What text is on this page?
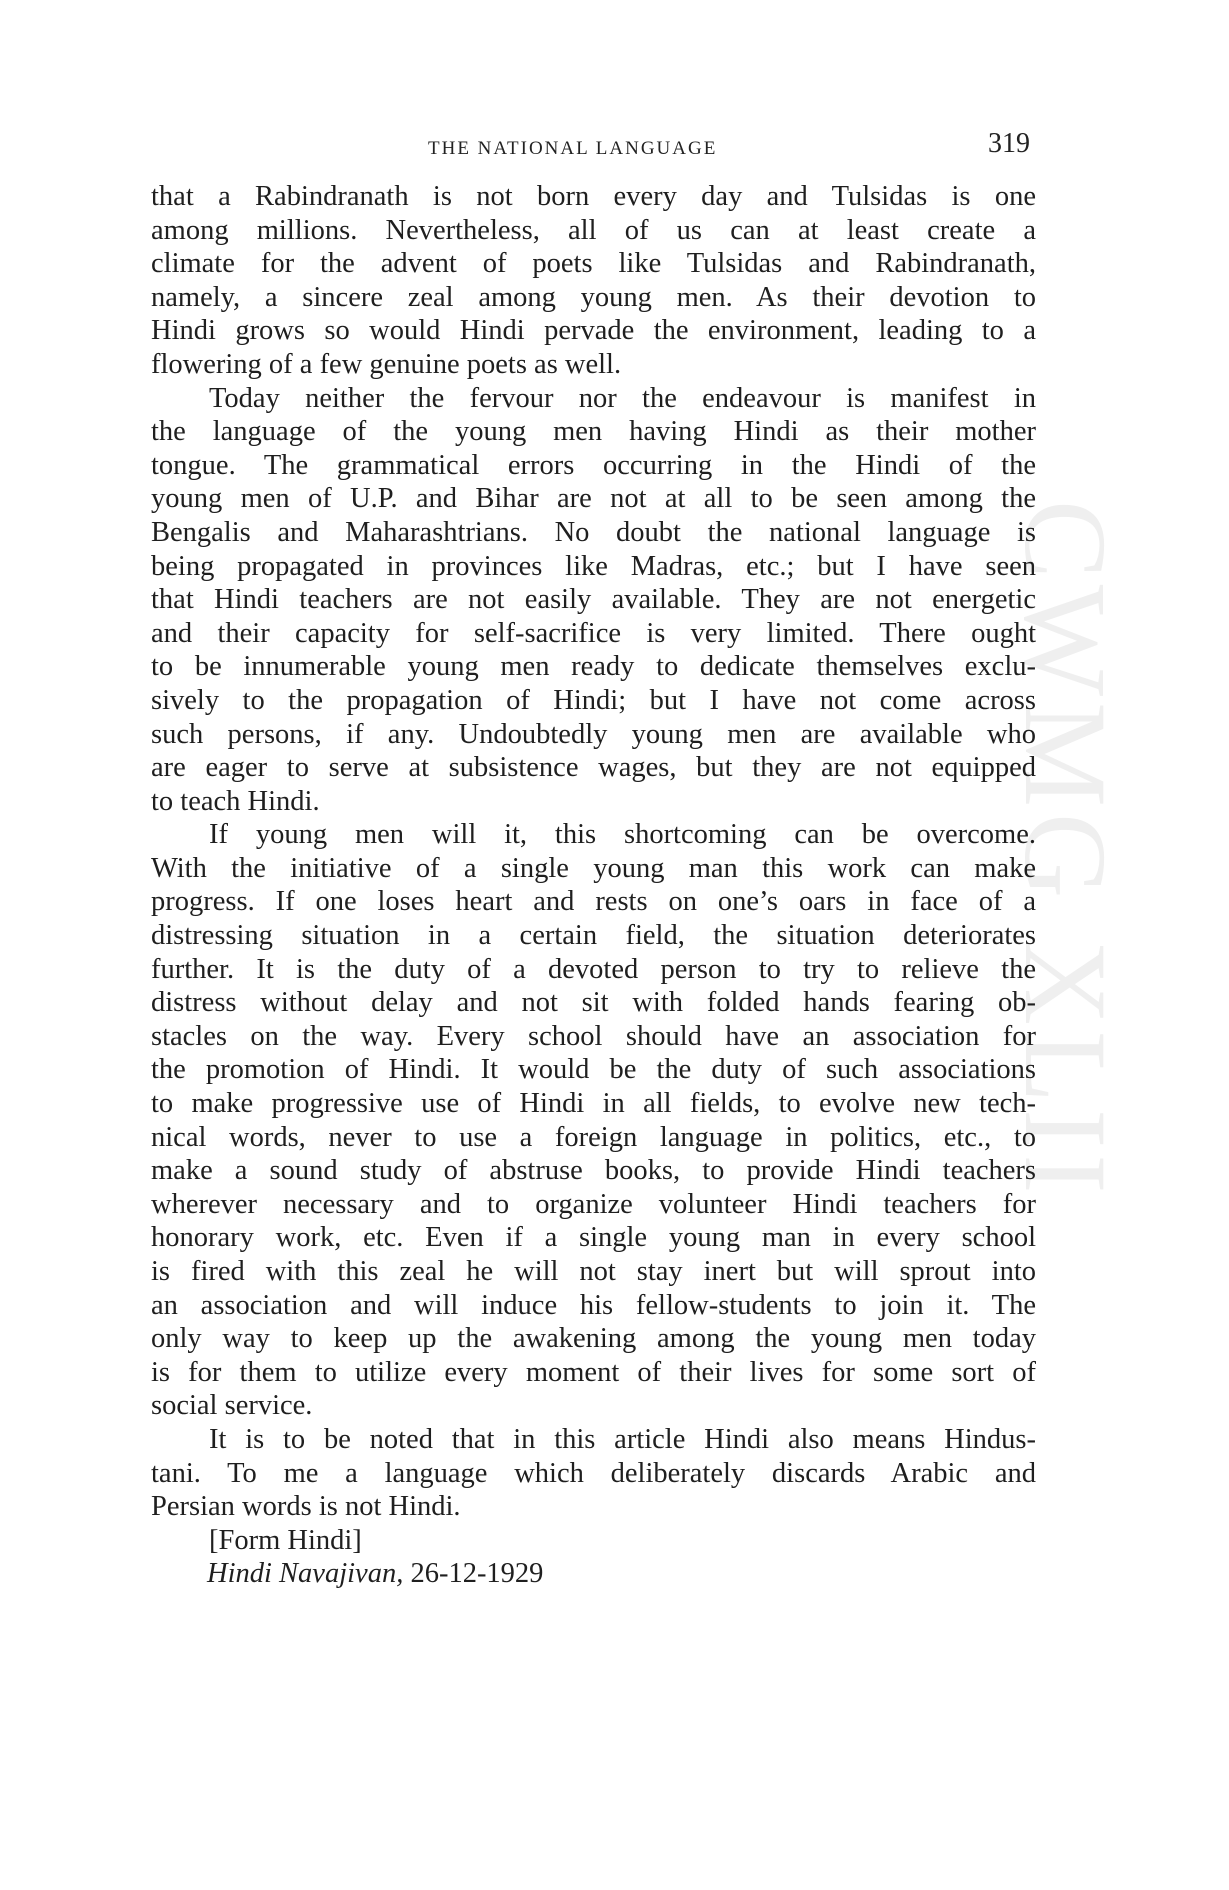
CWMG XLII
THE NATIONAL LANGUAGE	319

that a Rabindranath is not born every day and Tulsidas is one
among millions. Nevertheless, all of us can at least create a
climate for the advent of poets like Tulsidas and Rabindranath,
namely, a sincere zeal among young men. As their devotion to
Hindi grows so would Hindi pervade the environment, leading to a
flowering of a few genuine poets as well.

Today neither the fervour nor the endeavour is manifest in
the language of the young men having Hindi as their mother
tongue. The grammatical errors occurring in the Hindi of the
young men of U.P. and Bihar are not at all to be seen among the
Bengalis and Maharashtrians. No doubt the national language is
being propagated in provinces like Madras, etc.; but I have seen
that Hindi teachers are not easily available. They are not energetic
and their capacity for self-sacrifice is very limited. There ought
to be innumerable young men ready to dedicate themselves exclu-
sively to the propagation of Hindi; but I have not come across
such persons, if any. Undoubtedly young men are available who
are eager to serve at subsistence wages, but they are not equipped
to teach Hindi.

If young men will it, this shortcoming can be overcome.
With the initiative of a single young man this work can make
progress. If one loses heart and rests on one’s oars in face of a
distressing situation in a certain field, the situation deteriorates
further. It is the duty of a devoted person to try to relieve the
distress without delay and not sit with folded hands fearing ob-
stacles on the way. Every school should have an association for
the promotion of Hindi. It would be the duty of such associations
to make progressive use of Hindi in all fields, to evolve new tech-
nical words, never to use a foreign language in politics, etc., to
make a sound study of abstruse books, to provide Hindi teachers
wherever necessary and to organize volunteer Hindi teachers for
honorary work, etc. Even if a single young man in every school
is fired with this zeal he will not stay inert but will sprout into
an association and will induce his fellow-students to join it. The
only way to keep up the awakening among the young men today
is for them to utilize every moment of their lives for some sort of
social service.

It is to be noted that in this article Hindi also means Hindus-
tani. To me a language which deliberately discards Arabic and
Persian words is not Hindi.

[Form Hindi]
Hindi Navajivan, 26-12-1929
